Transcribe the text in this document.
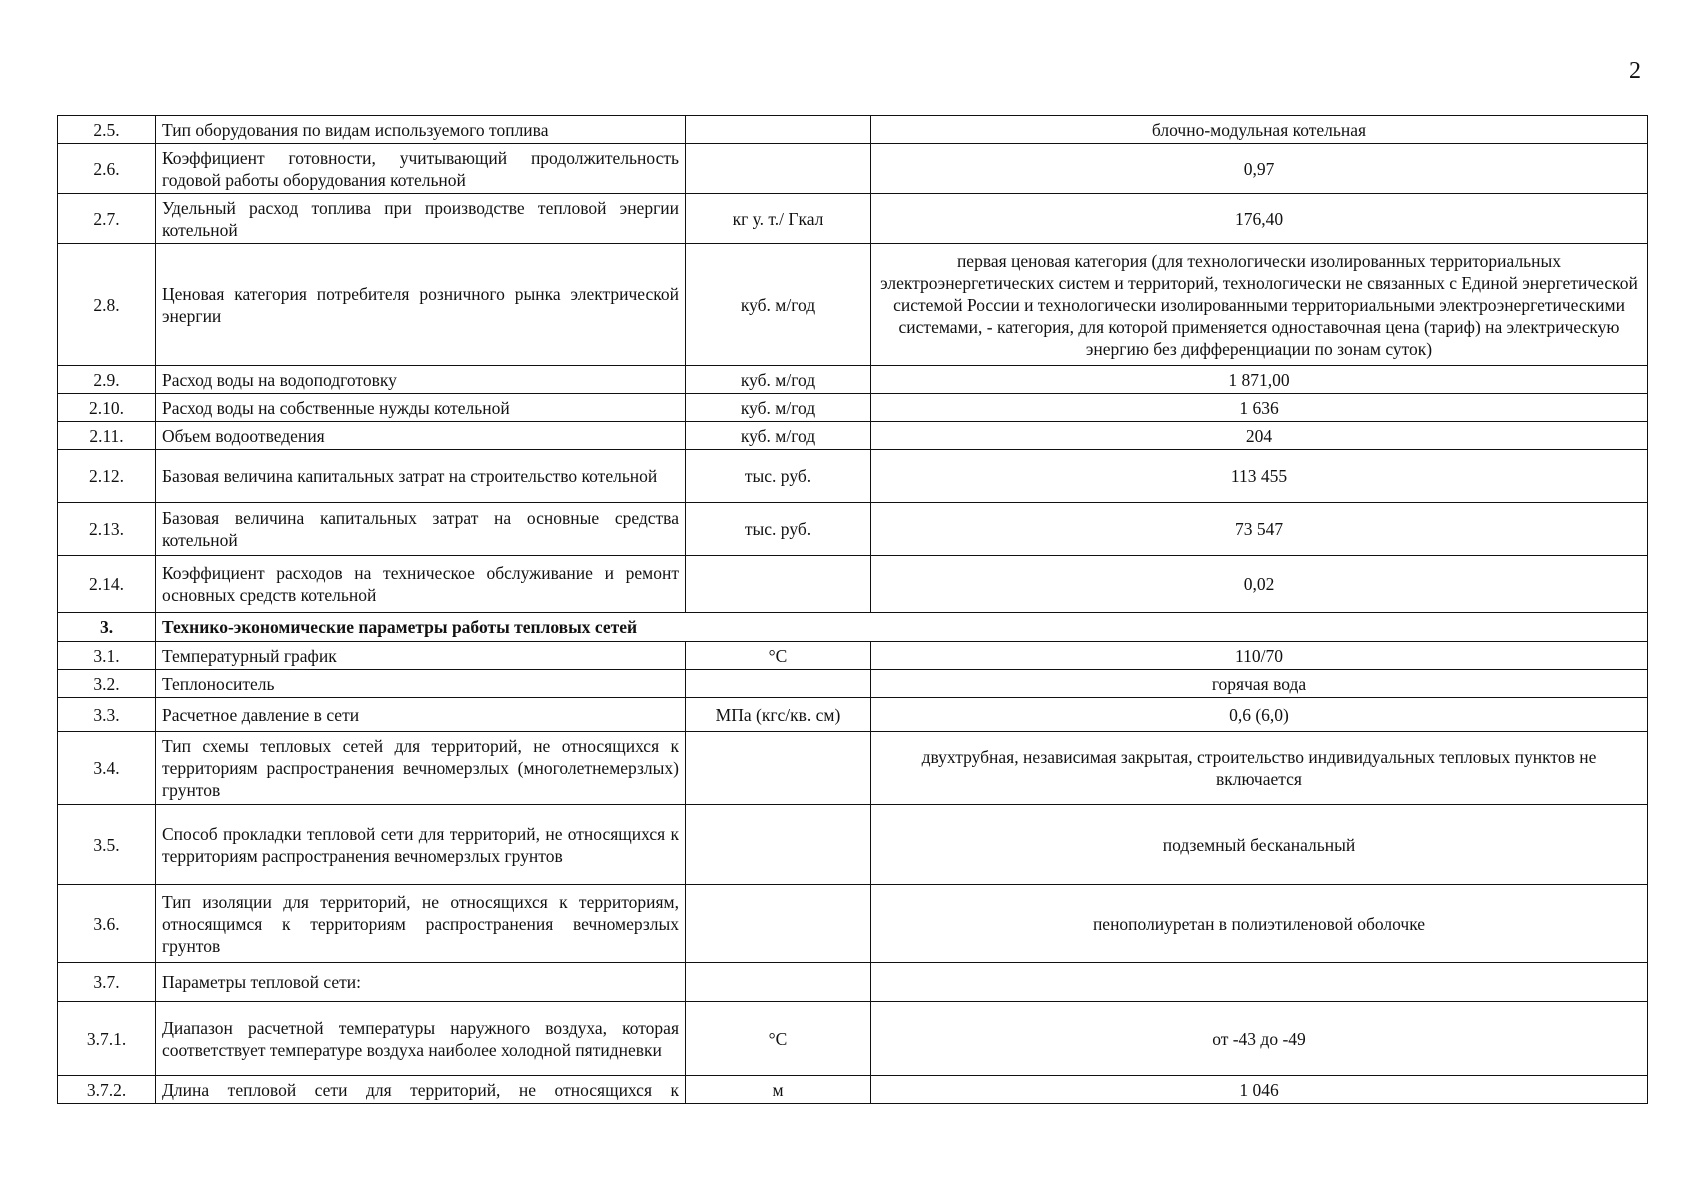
2
2.5.	Тип оборудования по видам используемого топлива		блочно-модульная котельная
2.6.	Коэффициент готовности, учитывающий продолжительность годовой работы оборудования котельной		0,97
2.7.	Удельный расход топлива при производстве тепловой энергии котельной	кг у. т./ Гкал	176,40
2.8.	Ценовая категория потребителя розничного рынка электрической энергии	куб. м/год	первая ценовая категория (для технологически изолированных территориальных электроэнергетических систем и территорий, технологически не связанных с Единой энергетической системой России и технологически изолированными территориальными электроэнергетическими системами, - категория, для которой применяется одноставочная цена (тариф) на электрическую энергию без дифференциации по зонам суток)
2.9.	Расход воды на водоподготовку	куб. м/год	1 871,00
2.10.	Расход воды на собственные нужды котельной	куб. м/год	1 636
2.11.	Объем водоотведения	куб. м/год	204
2.12.	Базовая величина капитальных затрат на строительство котельной	тыс. руб.	113 455
2.13.	Базовая величина капитальных затрат на основные средства котельной	тыс. руб.	73 547
2.14.	Коэффициент расходов на техническое обслуживание и ремонт основных средств котельной		0,02
3.	Технико-экономические параметры работы тепловых сетей		
3.1.	Температурный график	°С	110/70
3.2.	Теплоноситель		горячая вода
3.3.	Расчетное давление в сети	МПа (кгс/кв. см)	0,6 (6,0)
3.4.	Тип схемы тепловых сетей для территорий, не относящихся к территориям распространения вечномерзлых (многолетнемерзлых) грунтов		двухтрубная, независимая закрытая, строительство индивидуальных тепловых пунктов не включается
3.5.	Способ прокладки тепловой сети для территорий, не относящихся к территориям распространения вечномерзлых грунтов		подземный бесканальный
3.6.	Тип изоляции для территорий, не относящихся к территориям, относящимся к территориям распространения вечномерзлых грунтов		пенополиуретан в полиэтиленовой оболочке
3.7.	Параметры тепловой сети:		
3.7.1.	Диапазон расчетной температуры наружного воздуха, которая соответствует температуре воздуха наиболее холодной пятидневки	°С	от -43 до -49
3.7.2.	Длина тепловой сети для территорий, не относящихся к	м	1 046
